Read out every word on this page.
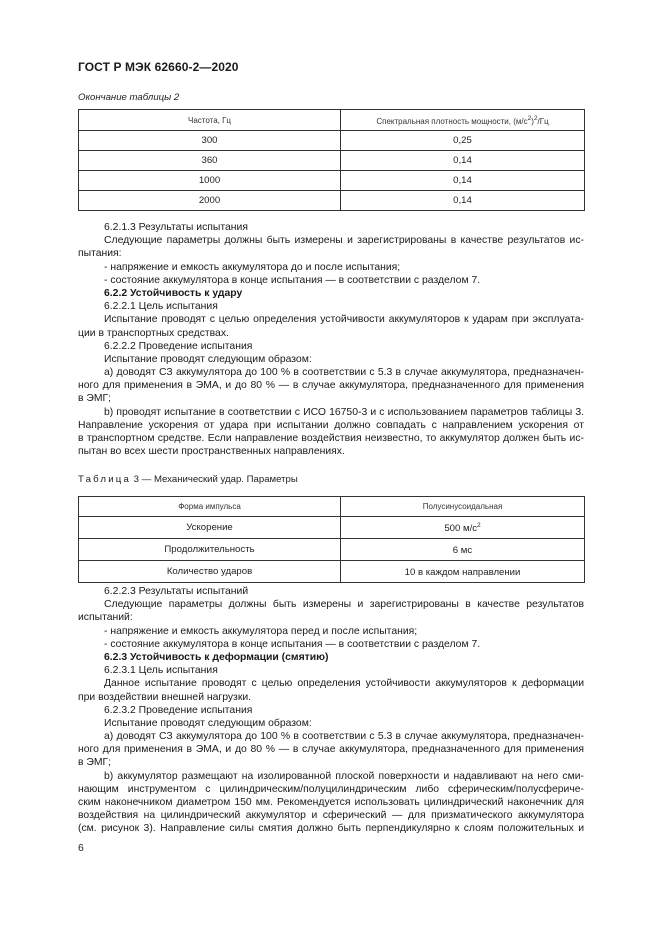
ГОСТ Р МЭК 62660-2—2020
Окончание таблицы 2
Частота, Гц	Спектральная плотность мощности, $(м/с^2)^2/Гц$
300	0,25
360	0,14
1000	0,14
2000	0,14
6.2.1.3 Результаты испытания
Следующие параметры должны быть измерены и зарегистрированы в качестве результатов ис-
пытания:
- напряжение и емкость аккумулятора до и после испытания;
- состояние аккумулятора в конце испытания — в соответствии с разделом 7.
6.2.2 Устойчивость к удару
6.2.2.1 Цель испытания
Испытание проводят с целью определения устойчивости аккумуляторов к ударам при эксплуата-
ции в транспортных средствах.
6.2.2.2 Проведение испытания
Испытание проводят следующим образом:
а) доводят СЗ аккумулятора до 100 % в соответствии с 5.3 в случае аккумулятора, предназначен-
ного для применения в ЭМА, и до 80 % — в случае аккумулятора, предназначенного для применения
в ЭМГ;
b) проводят испытание в соответствии с ИСО 16750-3 и с использованием параметров таблицы 3.
Направление ускорения от удара при испытании должно совпадать с направлением ускорения от
в транспортном средстве. Если направление воздействия неизвестно, то аккумулятор должен быть ис-
пытан во всех шести пространственных направлениях.
Таблица 3 — Механический удар. Параметры
Форма импульса	Полусинусоидальная
Ускорение	500 $м/с^2$
Продолжительность	6 мс
Количество ударов	10 в каждом направлении
6.2.2.3 Результаты испытаний
Следующие параметры должны быть измерены и зарегистрированы в качестве результатов
испытаний:
- напряжение и емкость аккумулятора перед и после испытания;
- состояние аккумулятора в конце испытания — в соответствии с разделом 7.
6.2.3 Устойчивость к деформации (смятию)
6.2.3.1 Цель испытания
Данное испытание проводят с целью определения устойчивости аккумуляторов к деформации
при воздействии внешней нагрузки.
6.2.3.2 Проведение испытания
Испытание проводят следующим образом:
а) доводят СЗ аккумулятора до 100 % в соответствии с 5.3 в случае аккумулятора, предназначен-
ного для применения в ЭМА, и до 80 % — в случае аккумулятора, предназначенного для применения
в ЭМГ;
b) аккумулятор размещают на изолированной плоской поверхности и надавливают на него сми-
нающим инструментом с цилиндрическим/полуцилиндрическим либо сферическим/полусфериче-
ским наконечником диаметром 150 мм. Рекомендуется использовать цилиндрический наконечник для
воздействия на цилиндрический аккумулятор и сферический — для призматического аккумулятора
(см. рисунок 3). Направление силы смятия должно быть перпендикулярно к слоям положительных и
6
